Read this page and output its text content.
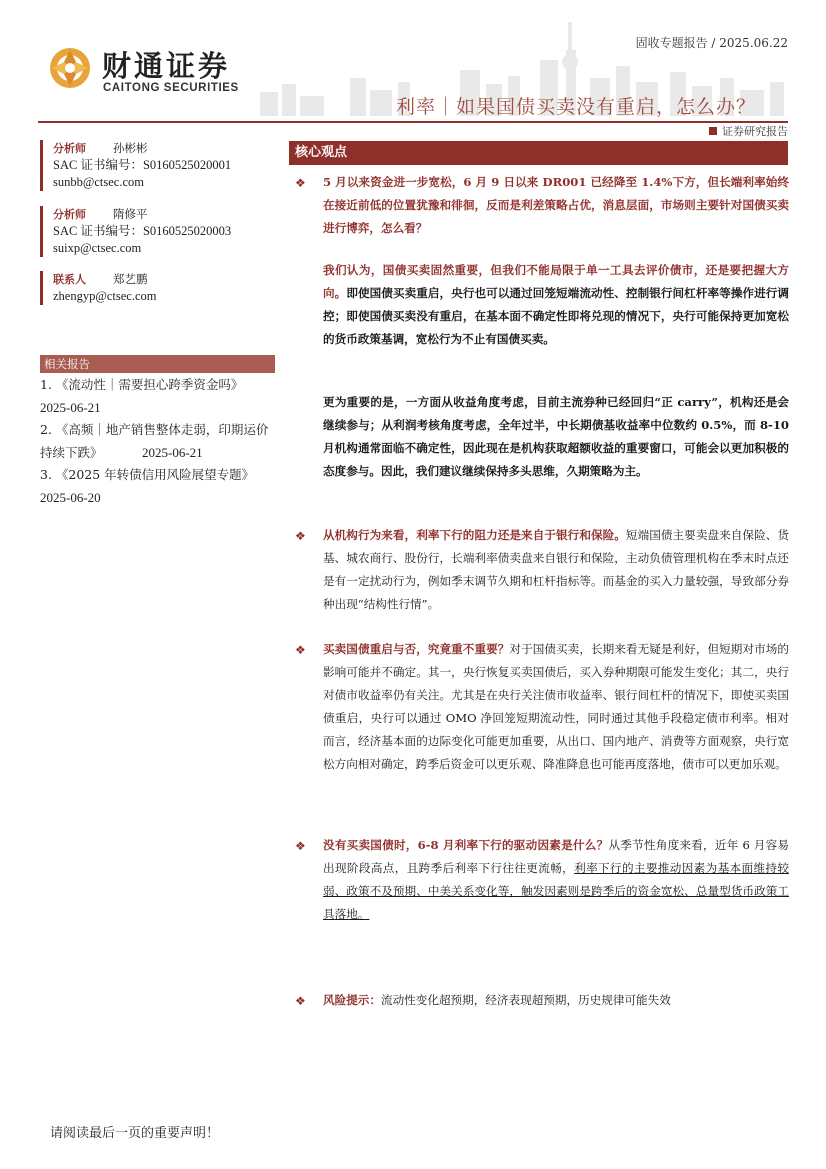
财通证券
CAITONG SECURITIES
固收专题报告 / 2025.06.22
利率｜如果国债买卖没有重启，怎么办？
证券研究报告
分析师 孙彬彬
SAC 证书编号：S0160525020001
sunbb@ctsec.com
分析师 隋修平
SAC 证书编号：S0160525020003
suixp@ctsec.com
联系人 郑艺鹏
zhengyp@ctsec.com
相关报告
1. 《流动性｜需要担心跨季资金吗》
2025-06-21
2. 《高频｜地产销售整体走弱，印期运价持续下跌》	2025-06-21
3. 《2025 年转债信用风险展望专题》
2025-06-20
核心观点
❖ 5 月以来资金进一步宽松，6 月 9 日以来 DR001 已经降至 1.4%下方，但长端利率始终在接近前低的位置犹豫和徘徊，反而是利差策略占优，消息层面，市场则主要针对国债买卖进行博弈，怎么看？
我们认为，国债买卖固然重要，但我们不能局限于单一工具去评价债市，还是要把握大方向。即使国债买卖重启，央行也可以通过回笼短端流动性、控制银行间杠杆率等操作进行调控；即使国债买卖没有重启，在基本面不确定性即将兑现的情况下，央行可能保持更加宽松的货币政策基调，宽松行为不止有国债买卖。
更为重要的是，一方面从收益角度考虑，目前主流券种已经回归“正 carry”，机构还是会继续参与；从利润考核角度考虑，全年过半，中长期债基收益率中位数约 0.5%，而 8-10 月机构通常面临不确定性，因此现在是机构获取超额收益的重要窗口，可能会以更加积极的态度参与。因此，我们建议继续保持多头思维，久期策略为主。
❖ 从机构行为来看，利率下行的阻力还是来自于银行和保险。短端国债主要卖盘来自保险、货基、城农商行、股份行，长端利率债卖盘来自银行和保险，主动负债管理机构在季末时点还是有一定扰动行为，例如季末调节久期和杠杆指标等。而基金的买入力量较强，导致部分券种出现“结构性行情”。
❖ 买卖国债重启与否，究竟重不重要？对于国债买卖，长期来看无疑是利好，但短期对市场的影响可能并不确定。其一，央行恢复买卖国债后，买入券种期限可能发生变化；其二，央行对债市收益率仍有关注。尤其是在央行关注债市收益率、银行间杠杆的情况下，即使买卖国债重启，央行可以通过 OMO 净回笼短期流动性，同时通过其他手段稳定债市利率。相对而言，经济基本面的边际变化可能更加重要，从出口、国内地产、消费等方面观察，央行宽松方向相对确定，跨季后资金可以更乐观、降准降息也可能再度落地，债市可以更加乐观。
❖ 没有买卖国债时，6-8 月利率下行的驱动因素是什么？从季节性角度来看，近年 6 月容易出现阶段高点，且跨季后利率下行往往更流畅，利率下行的主要推动因素为基本面维持较弱、政策不及预期、中美关系变化等，触发因素则是跨季后的资金宽松、总量型货币政策工具落地。
❖ 风险提示：流动性变化超预期，经济表现超预期，历史规律可能失效
请阅读最后一页的重要声明！
